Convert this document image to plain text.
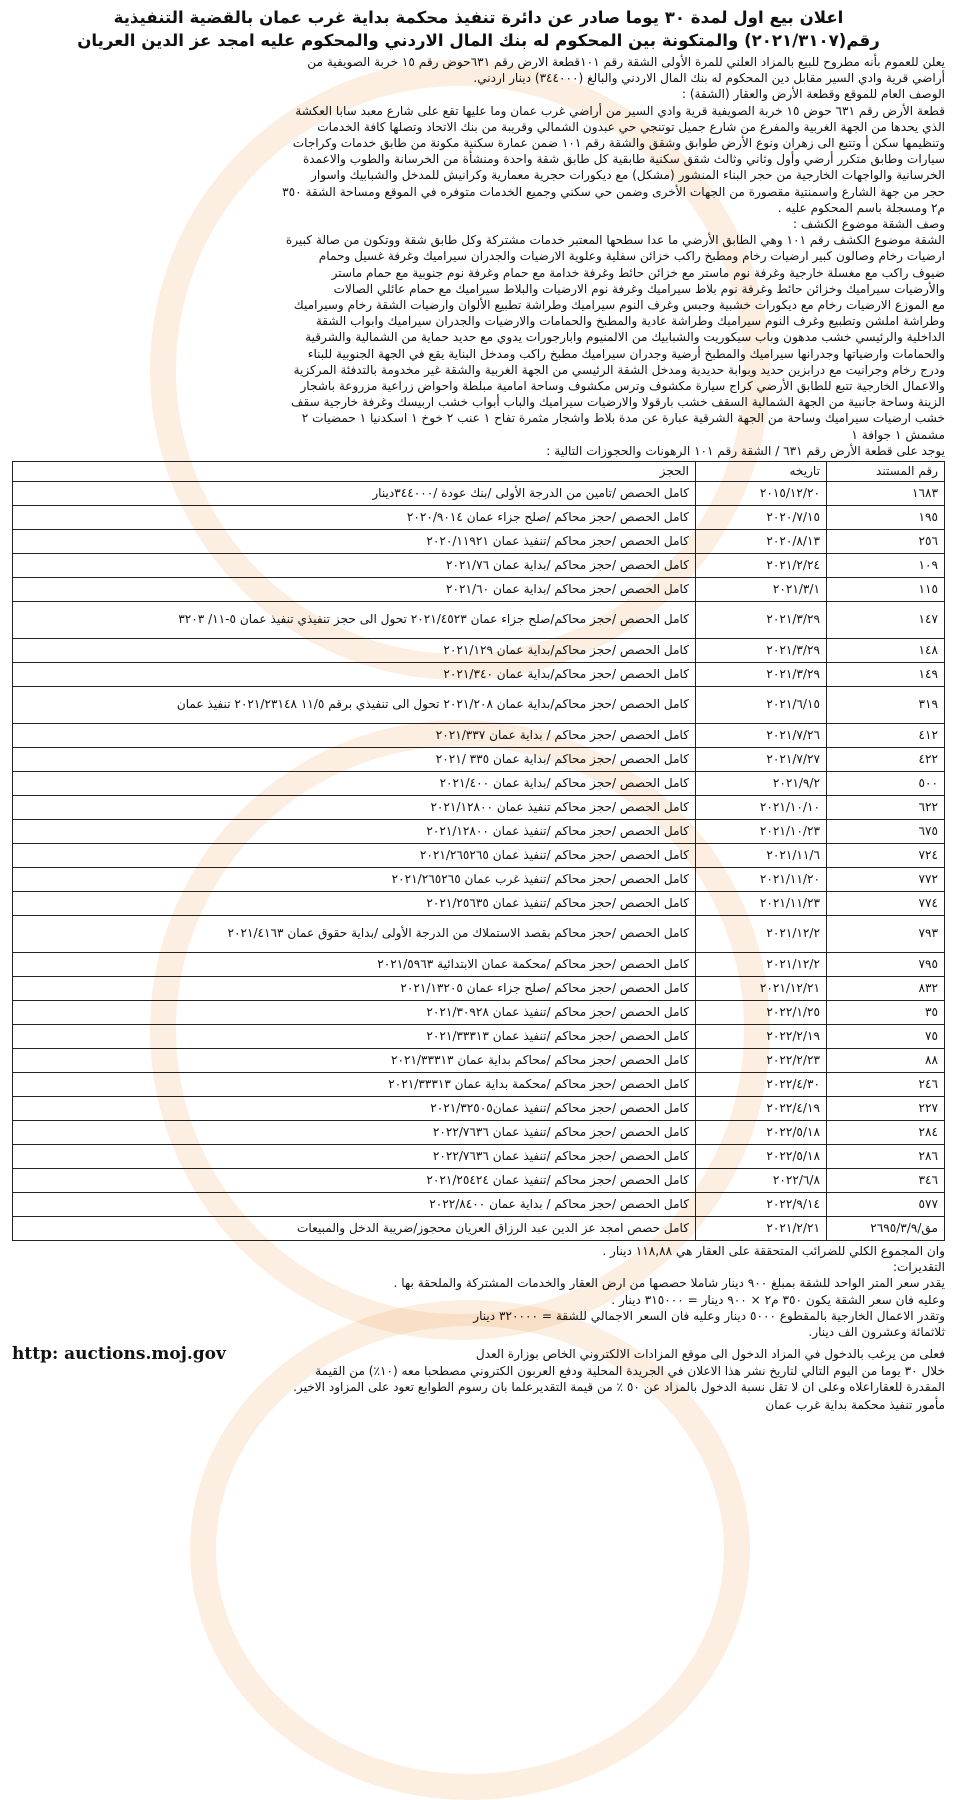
اعلان بيع اول لمدة ٣٠ يوما صادر عن دائرة تنفيذ محكمة بداية غرب عمان بالقضية التنفيذية
رقم(٢٠٢١/٣١٠٧) والمتكونة بين المحكوم له بنك المال الاردني والمحكوم عليه امجد عز الدين العريان
يعلن للعموم بأنه مطروح للبيع بالمزاد العلني للمرة الأولى الشقة رقم ١٠١قطعة الارض رقم ٦٣١حوض رقم ١٥ خربة الصويفية من
أراضي قرية وادي السير مقابل دين المحكوم له بنك المال الاردني والبالغ (٣٤٤٠٠٠) دينار اردني.
الوصف العام للموقع وقطعة الأرض والعقار (الشقة) :
قطعة الأرض رقم ٦٣١ حوض ١٥ خربة الصويفية قرية وادي السير من أراضي غرب عمان وما عليها تقع على شارع معبد سابا العكشة
الذي يحدها من الجهة الغربية والمفرع من شارع جميل توتنجي حي عبدون الشمالي وقريبة من بنك الاتحاد وتصلها كافة الخدمات
وتنظيمها سكن أ وتتبع الى زهران ونوع الأرض طوابق وشقق والشقة رقم ١٠١ ضمن عمارة سكنية مكونة من طابق خدمات وكراجات
سيارات وطابق متكرر أرضي وأول وثاني وثالث شقق سكنية طابقية كل طابق شقة واحدة ومنشأة من الخرسانة والطوب والاعمدة
الخرسانية والواجهات الخارجية من حجر البناء المنشور (مشكل) مع ديكورات حجرية معمارية وكرانيش للمدخل والشبابيك واسوار
حجر من جهة الشارع واسمنتية مقصورة من الجهات الأخرى وضمن حي سكني وجميع الخدمات متوفره في الموقع ومساحة الشقة ٣٥٠
م٢ ومسجلة باسم المحكوم عليه .
وصف الشقة موضوع الكشف :
الشقة موضوع الكشف رقم ١٠١ وهي الطابق الأرضي ما عدا سطحها المعتبر خدمات مشتركة وكل طابق شقة ووتكون من صالة كبيرة
ارضيات رخام وصالون كبير ارضيات رخام ومطبخ راكب خزائن سفلية وعلوية الارضيات والجدران سيراميك وغرفة غسيل وحمام
ضيوف راكب مع مغسلة خارجية وغرفة نوم ماستر مع خزائن حائط وغرفة خدامة مع حمام وغرفة نوم جنوبية مع حمام ماستر
والأرضيات سيراميك وخزائن حائط وغرفة نوم بلاط سيراميك وغرفة نوم الارضيات والبلاط سيراميك مع حمام عائلي الصالات
مع الموزع الارضيات رخام مع ديكورات خشبية وجبس وغرف النوم سيراميك وطراشة تطبيع الألوان وارضيات الشقة رخام وسيراميك
وطراشة املشن وتطبيع وغرف النوم سيراميك وطراشة عادية والمطبخ والحمامات والارضيات والجدران سيراميك وابواب الشقة
الداخلية والرئيسي خشب مدهون وباب سيكوريت والشبابيك من الالمنيوم وابارجورات يدوي مع حديد حماية من الشمالية والشرقية
والحمامات وارضياتها وجدرانها سيراميك والمطبخ أرضية وجدران سيراميك مطبخ راكب ومدخل البناية يقع في الجهة الجنوبية للبناء
ودرج رخام وجرانيت مع درابزين حديد وبوابة حديدية ومدخل الشقة الرئيسي من الجهة الغربية والشقة غير مخدومة بالتدفئة المركزية
والاعمال الخارجية تتبع للطابق الأرضي كراج سيارة مكشوف وترس مكشوف وساحة امامية مبلطة واحواض زراعية مزروعة باشجار
الزينة وساحة جانبية من الجهة الشمالية السقف خشب بارقولا والارضيات سيراميك والباب أبواب خشب اربيسك وغرفة خارجية سقف
خشب ارضيات سيراميك وساحة من الجهة الشرقية عبارة عن مدة بلاط واشجار مثمرة تفاح ١ عنب ٢ خوخ ١ اسكدنيا ١ حمضيات ٢
مشمش ١ جوافة ١
يوجد على قطعة الأرض رقم ٦٣١ / الشقة رقم ١٠١ الرهونات والحجوزات التالية :
رقم المستند	تاريخه	الحجز
١٦٨٣	٢٠١٥/١٢/٢٠	كامل الحصص /تامين من الدرجة الأولى /بنك عودة /٣٤٤٠٠٠دينار
١٩٥	٢٠٢٠/٧/١٥	كامل الحصص /حجز محاكم /صلح جزاء عمان ٢٠٢٠/٩٠١٤
٢٥٦	٢٠٢٠/٨/١٣	كامل الحصص /حجز محاكم /تنفيذ عمان ٢٠٢٠/١١٩٢١
١٠٩	٢٠٢١/٢/٢٤	كامل الحصص /حجز محاكم /بداية عمان ٢٠٢١/٧٦
١١٥	٢٠٢١/٣/١	كامل الحصص /حجز محاكم /بداية عمان ٢٠٢١/٦٠
١٤٧	٢٠٢١/٣/٢٩	كامل الحصص /حجز محاكم/صلح جزاء عمان ٢٠٢١/٤٥٢٣ تحول الى حجز تنفيذي تنفيذ عمان ٥-١١/ ٣٢٠٣
١٤٨	٢٠٢١/٣/٢٩	كامل الحصص /حجز محاكم/بداية عمان ٢٠٢١/١٢٩
١٤٩	٢٠٢١/٣/٢٩	كامل الحصص /حجز محاكم/بداية عمان ٢٠٢١/٣٤٠
٣١٩	٢٠٢١/٦/١٥	كامل الحصص /حجز محاكم/بداية عمان ٢٠٢١/٢٠٨ تحول الى تنفيذي برقم ١١/٥ ٢٠٢١/٢٣١٤٨ تنفيذ عمان
٤١٢	٢٠٢١/٧/٢٦	كامل الحصص /حجز محاكم / بداية عمان ٢٠٢١/٣٣٧
٤٢٢	٢٠٢١/٧/٢٧	كامل الحصص /حجز محاكم /بداية عمان ٣٣٥ /٢٠٢١
٥٠٠	٢٠٢١/٩/٢	كامل الحصص /حجز محاكم /بداية عمان ٢٠٢١/٤٠٠
٦٢٢	٢٠٢١/١٠/١٠	كامل الحصص /حجز محاكم تنفيذ عمان ٢٠٢١/١٢٨٠٠
٦٧٥	٢٠٢١/١٠/٢٣	كامل الحصص /حجز محاكم /تنفيذ عمان ٢٠٢١/١٢٨٠٠
٧٢٤	٢٠٢١/١١/٦	كامل الحصص /حجز محاكم /تنفيذ عمان ٢٠٢١/٢٦٥٢٦٥
٧٧٢	٢٠٢١/١١/٢٠	كامل الحصص /حجز محاكم /تنفيذ غرب عمان ٢٠٢١/٢٦٥٢٦٥
٧٧٤	٢٠٢١/١١/٢٣	كامل الحصص /حجز محاكم /تنفيذ عمان ٢٠٢١/٢٥٦٣٥
٧٩٣	٢٠٢١/١٢/٢	كامل الحصص /حجز محاكم بقصد الاستملاك من الدرجة الأولى /بداية حقوق عمان ٢٠٢١/٤١٦٣
٧٩٥	٢٠٢١/١٢/٢	كامل الحصص /حجز محاكم /محكمة عمان الابتدائية ٢٠٢١/٥٩٦٣
٨٣٢	٢٠٢١/١٢/٢١	كامل الحصص /حجز محاكم /صلح جزاء عمان ٢٠٢١/١٣٢٠٥
٣٥	٢٠٢٢/١/٢٥	كامل الحصص /حجز محاكم /تنفيذ عمان ٢٠٢١/٣٠٩٢٨
٧٥	٢٠٢٢/٢/١٩	كامل الحصص /حجز محاكم /تنفيذ عمان ٢٠٢١/٣٣٣١٣
٨٨	٢٠٢٢/٢/٢٣	كامل الحصص /حجز محاكم /محاكم بداية عمان ٢٠٢١/٣٣٣١٣
٢٤٦	٢٠٢٢/٤/٣٠	كامل الحصص /حجز محاكم /محكمة بداية عمان ٢٠٢١/٣٣٣١٣
٢٢٧	٢٠٢٢/٤/١٩	كامل الحصص /حجز محاكم /تنفيذ عمان٢٠٢١/٣٢٥٠٥
٢٨٤	٢٠٢٢/٥/١٨	كامل الحصص /حجز محاكم /تنفيذ عمان ٢٠٢٢/٧٦٣٦
٢٨٦	٢٠٢٢/٥/١٨	كامل الحصص /حجز محاكم /تنفيذ عمان ٢٠٢٢/٧٦٣٦
٣٤٦	٢٠٢٢/٦/٨	كامل الحصص /حجز محاكم /تنفيذ عمان ٢٠٢١/٢٥٤٢٤
٥٧٧	٢٠٢٢/٩/١٤	كامل الحصص /حجز محاكم / بداية عمان ٢٠٢٢/٨٤٠٠
مق/٢٦٩٥/٣/٩	٢٠٢١/٢/٢١	كامل حصص امجد عز الدين عبد الرزاق العريان محجوز/ضريبة الدخل والمبيعات
وان المجموع الكلي للضرائب المتحققة على العقار هي ١١٨,٨٨ دينار .
التقديرات:
يقدر سعر المتر الواحد للشقة بمبلغ ٩٠٠ دينار شاملا حصصها من ارض العقار والخدمات المشتركة والملحقة بها .
وعليه فان سعر الشقة يكون ٣٥٠ م٢ × ٩٠٠ دينار = ٣١٥٠٠٠ دينار .
وتقدر الاعمال الخارجية بالمقطوع ٥٠٠٠ دينار وعليه فان السعر الاجمالي للشقة = ٣٢٠٠٠٠ دينار
ثلاثمائة وعشرون الف دينار.
http: auctions.moj.gov	فعلى من يرغب بالدخول في المزاد الدخول الى موقع المزادات الالكتروني الخاص بوزارة العدل
خلال ٣٠ يوما من اليوم التالي لتاريخ نشر هذا الاعلان في الجريدة المحلية ودفع العربون الكتروني مصطحبا معه (١٠٪) من القيمة
المقدرة للعقاراعلاه وعلى ان لا تقل نسبة الدخول بالمزاد عن ٥٠ ٪ من قيمة التقديرعلما بان رسوم الطوابع تعود على المزاود الاخير.
مأمور تنفيذ محكمة بداية غرب عمان
